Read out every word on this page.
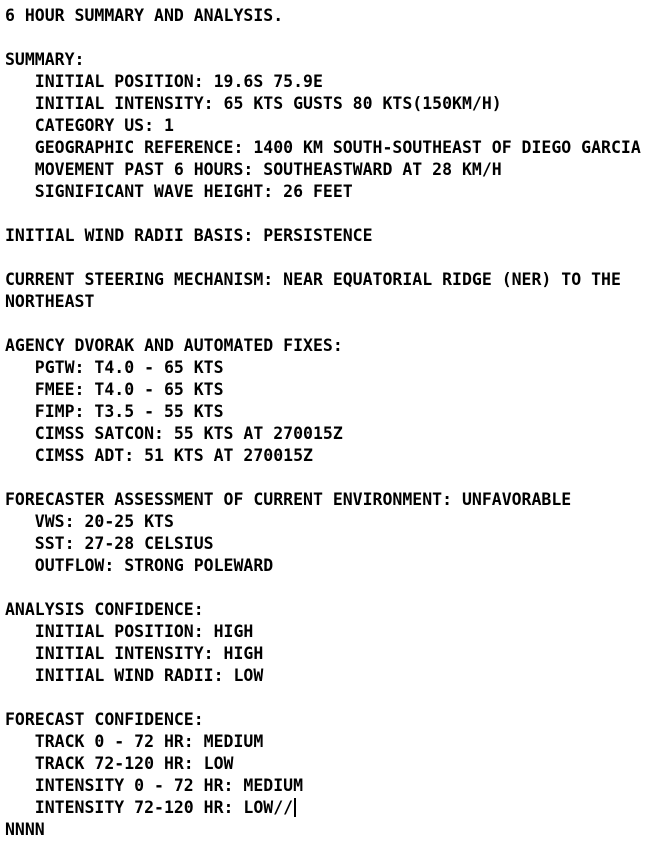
6 HOUR SUMMARY AND ANALYSIS.
SUMMARY:
INITIAL POSITION: 19.6S 75.9E
INITIAL INTENSITY: 65 KTS GUSTS 80 KTS(150KM/H)
CATEGORY US: 1
GEOGRAPHIC REFERENCE: 1400 KM SOUTH-SOUTHEAST OF DIEGO GARCIA
MOVEMENT PAST 6 HOURS: SOUTHEASTWARD AT 28 KM/H
SIGNIFICANT WAVE HEIGHT: 26 FEET
INITIAL WIND RADII BASIS: PERSISTENCE
CURRENT STEERING MECHANISM: NEAR EQUATORIAL RIDGE (NER) TO THE
NORTHEAST
AGENCY DVORAK AND AUTOMATED FIXES:
PGTW: T4.0 - 65 KTS
FMEE: T4.0 - 65 KTS
FIMP: T3.5 - 55 KTS
CIMSS SATCON: 55 KTS AT 270015Z
CIMSS ADT: 51 KTS AT 270015Z
FORECASTER ASSESSMENT OF CURRENT ENVIRONMENT: UNFAVORABLE
VWS: 20-25 KTS
SST: 27-28 CELSIUS
OUTFLOW: STRONG POLEWARD
ANALYSIS CONFIDENCE:
INITIAL POSITION: HIGH
INITIAL INTENSITY: HIGH
INITIAL WIND RADII: LOW
FORECAST CONFIDENCE:
TRACK 0 - 72 HR: MEDIUM
TRACK 72-120 HR: LOW
INTENSITY 0 - 72 HR: MEDIUM
INTENSITY 72-120 HR: LOW//
NNNN
